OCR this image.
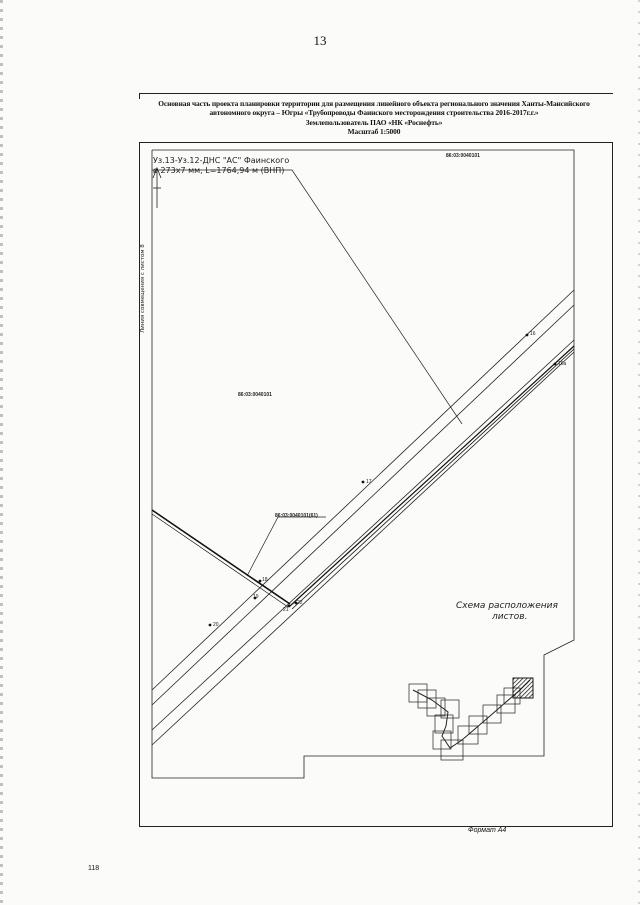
13
Основная часть проекта планировки территории для размещения линейного объекта регионального значения Ханты-Мансийского
автономного округа – Югры «Трубопроводы Фаинского месторождения строительства 2016-2017г.г.»
Землепользователь ПАО «НК «Роснефть»
Масштаб 1:5000
Уз.13-Уз.12-ДНС "АС" Фаинского
ø 273х7 мм, L=1764,94 м (ВНП)
86:03:0040101
86:03:0040101
86:03:0040101(61)
16
16а
17
18
19
20
21
22
Линия совмещения с листом 8
Схема расположения
листов.
Формат А4
118
